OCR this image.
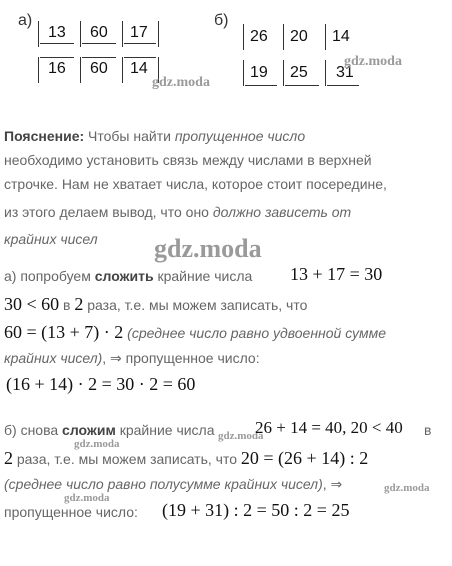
а)
13 60 17
16 60 14
б)
26 20 14
19 25 31
gdz.moda
gdz.moda
gdz.moda
gdz.moda
gdz.moda
gdz.moda
gdz.moda
Пояснение: Чтобы найти пропущенное число
необходимо установить связь между числами в верхней
строчке. Нам не хватает числа, которое стоит посередине,
из этого делаем вывод, что оно должно зависеть от
крайних чисел
а) попробуем сложить крайние числа 13 + 17 = 30
30 < 60 в 2 раза, т.е. мы можем записать, что
60 = (13 + 7) · 2 (среднее число равно удвоенной сумме
крайних чисел), ⇒ пропущенное число:
(16 + 14) · 2 = 30 · 2 = 60
б) снова сложим крайние числа 26 + 14 = 40, 20 < 40 в
2 раза, т.е. мы можем записать, что 20 = (26 + 14) : 2
(среднее число равно полусумме крайних чисел), ⇒
пропущенное число: (19 + 31) : 2 = 50 : 2 = 25
